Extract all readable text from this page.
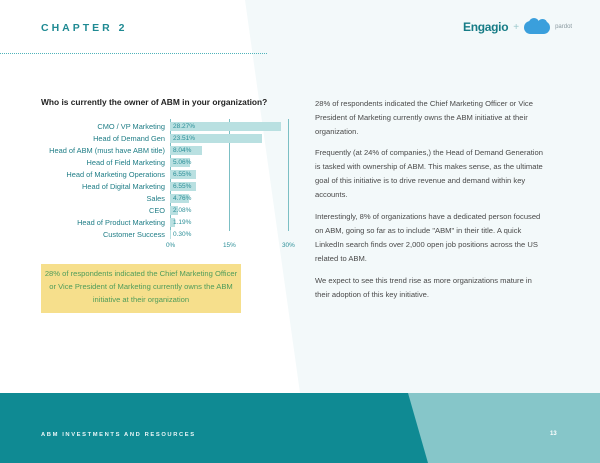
CHAPTER 2	Engagio +	pardot
Who is currently the owner of ABM in your organization?
CMO / VP Marketing 28.27%
Head of Demand Gen 23.51%
Head of ABM (must have ABM title) 8.04%
Head of Field Marketing 5.06%
Head of Marketing Operations 6.55%
Head of Digital Marketing 6.55%
Sales 4.76%
CEO 2.08%
Head of Product Marketing 1.19%
Customer Success 0.30%
0%	15%	30%
28% of respondents indicated the Chief Marketing Officer or Vice President of Marketing currently owns the ABM initiative at their organization

28% of respondents indicated the Chief Marketing Officer or Vice President of Marketing currently owns the ABM initiative at their organization.

Frequently (at 24% of companies,) the Head of Demand Generation is tasked with ownership of ABM. This makes sense, as the ultimate goal of this initiative is to drive revenue and demand within key accounts.

Interestingly, 8% of organizations have a dedicated person focused on ABM, going so far as to include "ABM" in their title. A quick LinkedIn search finds over 2,000 open job positions across the US related to ABM.

We expect to see this trend rise as more organizations mature in their adoption of this key initiative.

ABM INVESTMENTS AND RESOURCES	13
